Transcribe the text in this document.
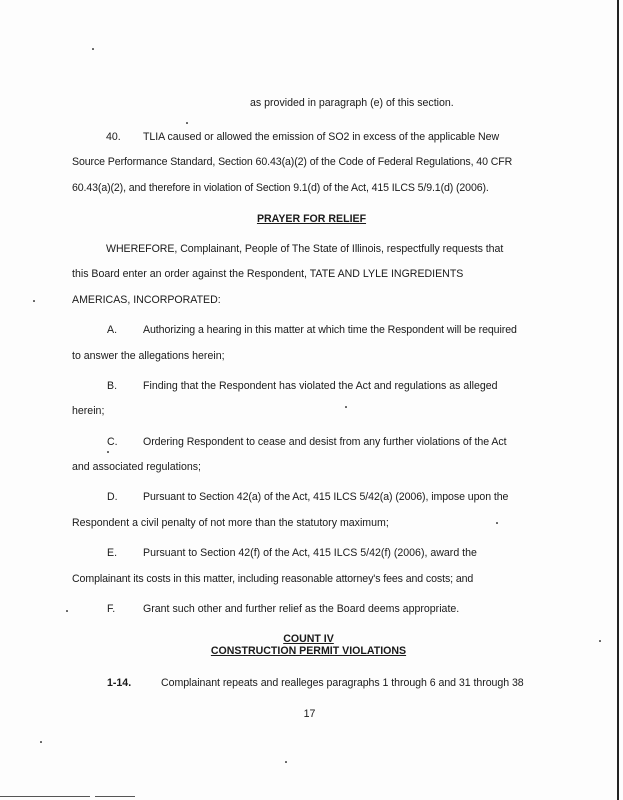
as provided in paragraph (e) of this section.
40. TLIA caused or allowed the emission of SO2 in excess of the applicable New
Source Performance Standard, Section 60.43(a)(2) of the Code of Federal Regulations, 40 CFR
60.43(a)(2), and therefore in violation of Section 9.1(d) of the Act, 415 ILCS 5/9.1(d) (2006).
PRAYER FOR RELIEF
WHEREFORE, Complainant, People of The State of Illinois, respectfully requests that
this Board enter an order against the Respondent, TATE AND LYLE INGREDIENTS
AMERICAS, INCORPORATED:
A. Authorizing a hearing in this matter at which time the Respondent will be required
to answer the allegations herein;
B. Finding that the Respondent has violated the Act and regulations as alleged
herein;
C. Ordering Respondent to cease and desist from any further violations of the Act
and associated regulations;
D. Pursuant to Section 42(a) of the Act, 415 ILCS 5/42(a) (2006), impose upon the
Respondent a civil penalty of not more than the statutory maximum;
E. Pursuant to Section 42(f) of the Act, 415 ILCS 5/42(f) (2006), award the
Complainant its costs in this matter, including reasonable attorney's fees and costs; and
F.	Grant such other and further relief as the Board deems appropriate.
COUNT IV
CONSTRUCTION PERMIT VIOLATIONS
1-14.	Complainant repeats and realleges paragraphs 1 through 6 and 31 through 38
17
